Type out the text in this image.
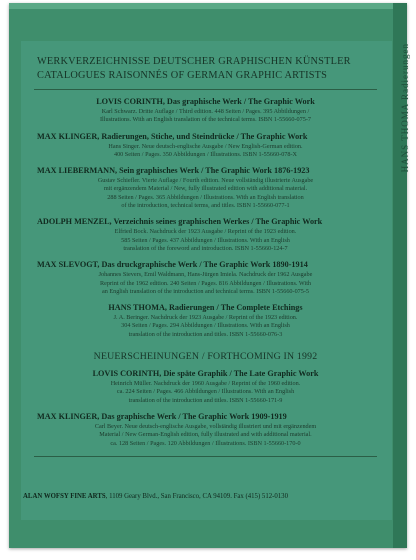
HANS THOMA Radierungen
WERKVERZEICHNISSE DEUTSCHER GRAPHISCHEN KÜNSTLER
CATALOGUES RAISONNÉS OF GERMAN GRAPHIC ARTISTS
LOVIS CORINTH, Das graphische Werk / The Graphic Work
Karl Schwarz. Dritte Auflage / Third edition. 448 Seiten / Pages. 395 Abbildungen /
Illustrations. With an English translation of the technical terms. ISBN 1-55660-075-7
MAX KLINGER, Radierungen, Stiche, und Steindrücke / The Graphic Work
Hans Singer. Neue deutsch-englische Ausgabe / New English-German edition.
400 Seiten / Pages. 350 Abbildungen / Illustrations. ISBN 1-55660-078-X
MAX LIEBERMANN, Sein graphisches Werk / The Graphic Work 1876-1923
Gustav Schiefler. Vierte Auflage / Fourth edition. Neue vollständig illustrierte Ausgabe
mit ergänzendem Material / New, fully illustrated edition with additional material.
288 Seiten / Pages. 365 Abbildungen / Illustrations. With an English translation
of the introduction, technical terms, and titles. ISBN 1-55660-077-1
ADOLPH MENZEL, Verzeichnis seines graphischen Werkes / The Graphic Work
Elfried Bock. Nachdruck der 1923 Ausgabe / Reprint of the 1923 edition.
585 Seiten / Pages. 437 Abbildungen / Illustrations. With an English
translation of the foreword and introduction. ISBN 1-55660-124-7
MAX SLEVOGT, Das druckgraphische Werk / The Graphic Work 1890-1914
Johannes Sievers, Emil Waldmann, Hans-Jürgen Imiela. Nachdruck der 1962 Ausgabe
Reprint of the 1962 edition. 240 Seiten / Pages. 816 Abbildungen / Illustrations. With
an English translation of the introduction and technical terms. ISBN 1-55660-075-5
HANS THOMA, Radierungen / The Complete Etchings
J. A. Beringer. Nachdruck der 1923 Ausgabe / Reprint of the 1923 edition.
304 Seiten / Pages. 294 Abbildungen / Illustrations. With an English
translation of the introduction and titles. ISBN 1-55660-076-3
NEUERSCHEINUNGEN / FORTHCOMING IN 1992
LOVIS CORINTH, Die späte Graphik / The Late Graphic Work
Heinrich Müller. Nachdruck der 1960 Ausgabe / Reprint of the 1960 edition.
ca. 224 Seiten / Pages. 466 Abbildungen / Illustrations. With an English
translation of the introduction and titles. ISBN 1-55660-171-9
MAX KLINGER, Das graphische Werk / The Graphic Work 1909-1919
Carl Beyer. Neue deutsch-englische Ausgabe, vollständig illustriert und mit ergänzendem
Material / New German-English edition, fully illustrated and with additional material.
ca. 128 Seiten / Pages. 120 Abbildungen / Illustrations. ISBN 1-55660-170-0
ALAN WOFSY FINE ARTS, 1109 Geary Blvd., San Francisco, CA 94109. Fax (415) 512-0130
